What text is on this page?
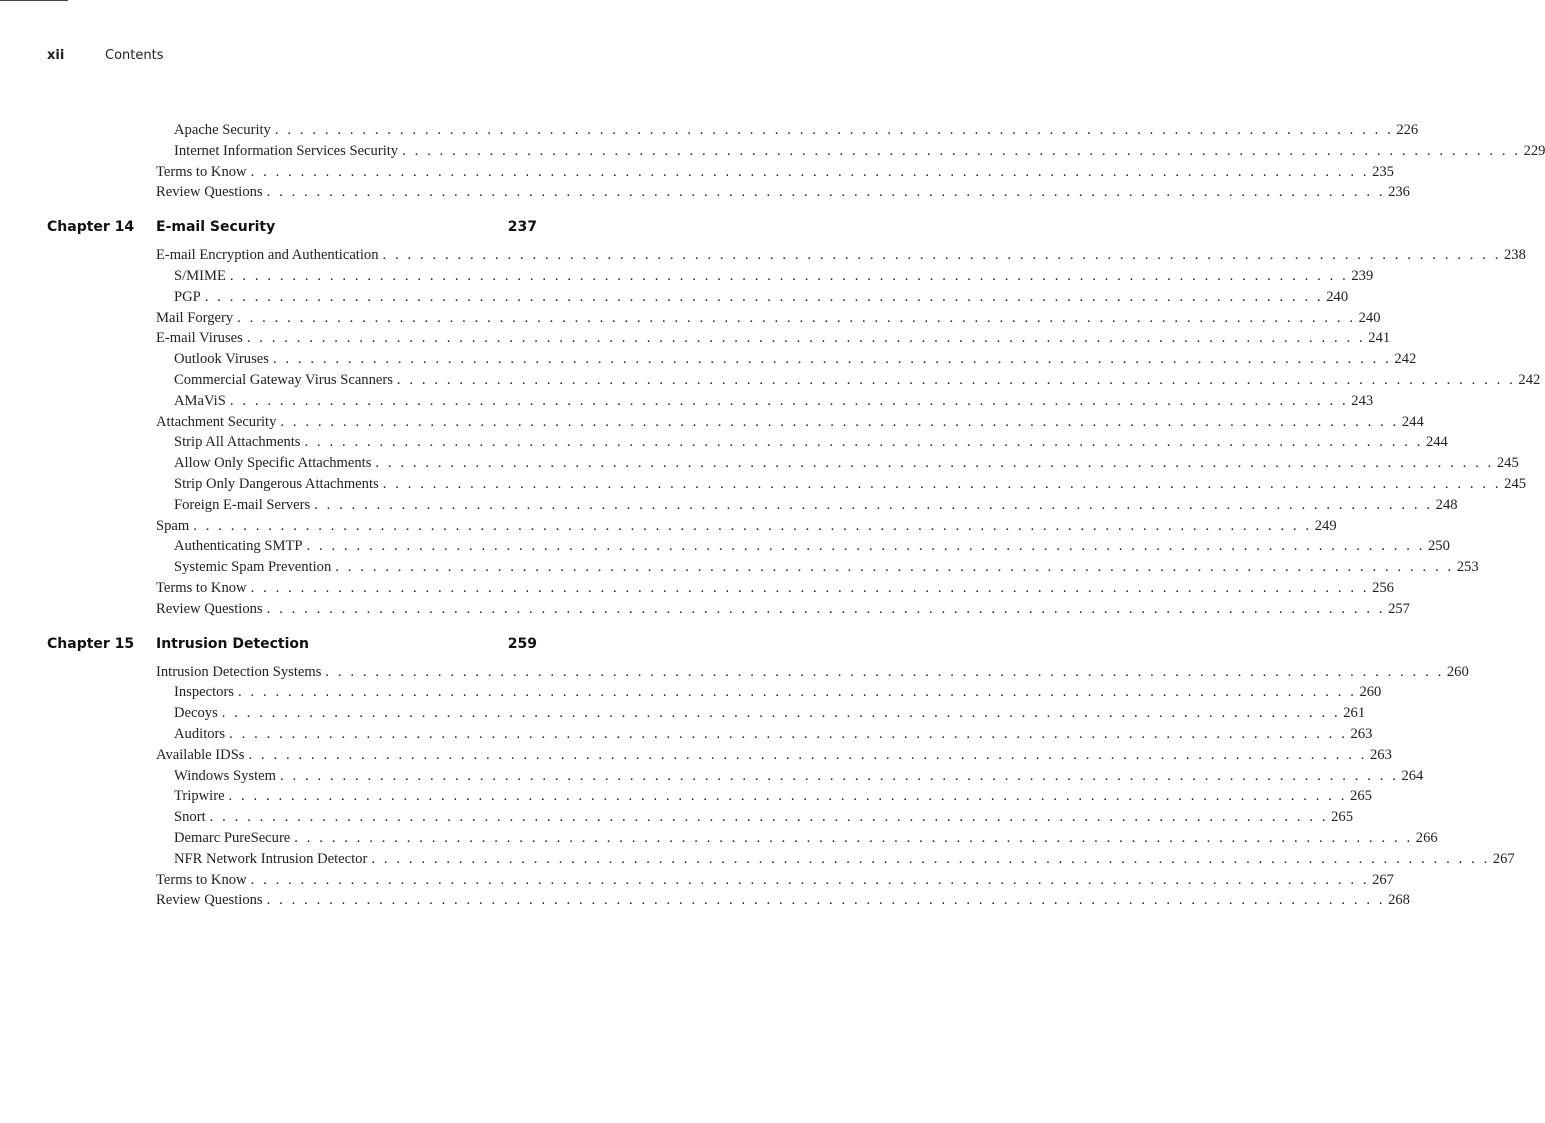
xii	Contents
Apache Security . . . . . . . . . . . . . . . . . . . . . . . . . . . . . . . . . . . . . . . . . . . . . . . . . . . . . . . . . . . . . . . . . . . . . . . . . . . . . . . . . . . . . . . . . . 226
Internet Information Services Security . . . . . . . . . . . . . . . . . . . . . . . . . . . . . . . . . . . . . . . . . . . . . . . . . . . . . . . . . . . . . . . . . . . . . . . . . . . . . . . . . . . . . . . . . . 229
Terms to Know . . . . . . . . . . . . . . . . . . . . . . . . . . . . . . . . . . . . . . . . . . . . . . . . . . . . . . . . . . . . . . . . . . . . . . . . . . . . . . . . . . . . . . . . . . 235
Review Questions . . . . . . . . . . . . . . . . . . . . . . . . . . . . . . . . . . . . . . . . . . . . . . . . . . . . . . . . . . . . . . . . . . . . . . . . . . . . . . . . . . . . . . . . . . 236
Chapter 14 E-mail Security	237
E-mail Encryption and Authentication . . . . . . . . . . . . . . . . . . . . . . . . . . . . . . . . . . . . . . . . . . . . . . . . . . . . . . . . . . . . . . . . . . . . . . . . . . . . . . . . . . . . . . . . . . 238
S/MIME . . . . . . . . . . . . . . . . . . . . . . . . . . . . . . . . . . . . . . . . . . . . . . . . . . . . . . . . . . . . . . . . . . . . . . . . . . . . . . . . . . . . . . . . . . 239
PGP . . . . . . . . . . . . . . . . . . . . . . . . . . . . . . . . . . . . . . . . . . . . . . . . . . . . . . . . . . . . . . . . . . . . . . . . . . . . . . . . . . . . . . . . . . 240
Mail Forgery . . . . . . . . . . . . . . . . . . . . . . . . . . . . . . . . . . . . . . . . . . . . . . . . . . . . . . . . . . . . . . . . . . . . . . . . . . . . . . . . . . . . . . . . . . 240
E-mail Viruses . . . . . . . . . . . . . . . . . . . . . . . . . . . . . . . . . . . . . . . . . . . . . . . . . . . . . . . . . . . . . . . . . . . . . . . . . . . . . . . . . . . . . . . . . . 241
Outlook Viruses . . . . . . . . . . . . . . . . . . . . . . . . . . . . . . . . . . . . . . . . . . . . . . . . . . . . . . . . . . . . . . . . . . . . . . . . . . . . . . . . . . . . . . . . . . 242
Commercial Gateway Virus Scanners . . . . . . . . . . . . . . . . . . . . . . . . . . . . . . . . . . . . . . . . . . . . . . . . . . . . . . . . . . . . . . . . . . . . . . . . . . . . . . . . . . . . . . . . . . 242
AMaViS . . . . . . . . . . . . . . . . . . . . . . . . . . . . . . . . . . . . . . . . . . . . . . . . . . . . . . . . . . . . . . . . . . . . . . . . . . . . . . . . . . . . . . . . . . 243
Attachment Security . . . . . . . . . . . . . . . . . . . . . . . . . . . . . . . . . . . . . . . . . . . . . . . . . . . . . . . . . . . . . . . . . . . . . . . . . . . . . . . . . . . . . . . . . . 244
Strip All Attachments . . . . . . . . . . . . . . . . . . . . . . . . . . . . . . . . . . . . . . . . . . . . . . . . . . . . . . . . . . . . . . . . . . . . . . . . . . . . . . . . . . . . . . . . . . 244
Allow Only Specific Attachments . . . . . . . . . . . . . . . . . . . . . . . . . . . . . . . . . . . . . . . . . . . . . . . . . . . . . . . . . . . . . . . . . . . . . . . . . . . . . . . . . . . . . . . . . . 245
Strip Only Dangerous Attachments . . . . . . . . . . . . . . . . . . . . . . . . . . . . . . . . . . . . . . . . . . . . . . . . . . . . . . . . . . . . . . . . . . . . . . . . . . . . . . . . . . . . . . . . . . 245
Foreign E-mail Servers . . . . . . . . . . . . . . . . . . . . . . . . . . . . . . . . . . . . . . . . . . . . . . . . . . . . . . . . . . . . . . . . . . . . . . . . . . . . . . . . . . . . . . . . . . 248
Spam . . . . . . . . . . . . . . . . . . . . . . . . . . . . . . . . . . . . . . . . . . . . . . . . . . . . . . . . . . . . . . . . . . . . . . . . . . . . . . . . . . . . . . . . . . 249
Authenticating SMTP . . . . . . . . . . . . . . . . . . . . . . . . . . . . . . . . . . . . . . . . . . . . . . . . . . . . . . . . . . . . . . . . . . . . . . . . . . . . . . . . . . . . . . . . . . 250
Systemic Spam Prevention . . . . . . . . . . . . . . . . . . . . . . . . . . . . . . . . . . . . . . . . . . . . . . . . . . . . . . . . . . . . . . . . . . . . . . . . . . . . . . . . . . . . . . . . . . 253
Terms to Know . . . . . . . . . . . . . . . . . . . . . . . . . . . . . . . . . . . . . . . . . . . . . . . . . . . . . . . . . . . . . . . . . . . . . . . . . . . . . . . . . . . . . . . . . . 256
Review Questions . . . . . . . . . . . . . . . . . . . . . . . . . . . . . . . . . . . . . . . . . . . . . . . . . . . . . . . . . . . . . . . . . . . . . . . . . . . . . . . . . . . . . . . . . . 257
Chapter 15 Intrusion Detection	259
Intrusion Detection Systems . . . . . . . . . . . . . . . . . . . . . . . . . . . . . . . . . . . . . . . . . . . . . . . . . . . . . . . . . . . . . . . . . . . . . . . . . . . . . . . . . . . . . . . . . . 260
Inspectors . . . . . . . . . . . . . . . . . . . . . . . . . . . . . . . . . . . . . . . . . . . . . . . . . . . . . . . . . . . . . . . . . . . . . . . . . . . . . . . . . . . . . . . . . . 260
Decoys . . . . . . . . . . . . . . . . . . . . . . . . . . . . . . . . . . . . . . . . . . . . . . . . . . . . . . . . . . . . . . . . . . . . . . . . . . . . . . . . . . . . . . . . . . 261
Auditors . . . . . . . . . . . . . . . . . . . . . . . . . . . . . . . . . . . . . . . . . . . . . . . . . . . . . . . . . . . . . . . . . . . . . . . . . . . . . . . . . . . . . . . . . . 263
Available IDSs . . . . . . . . . . . . . . . . . . . . . . . . . . . . . . . . . . . . . . . . . . . . . . . . . . . . . . . . . . . . . . . . . . . . . . . . . . . . . . . . . . . . . . . . . . 263
Windows System . . . . . . . . . . . . . . . . . . . . . . . . . . . . . . . . . . . . . . . . . . . . . . . . . . . . . . . . . . . . . . . . . . . . . . . . . . . . . . . . . . . . . . . . . . 264
Tripwire . . . . . . . . . . . . . . . . . . . . . . . . . . . . . . . . . . . . . . . . . . . . . . . . . . . . . . . . . . . . . . . . . . . . . . . . . . . . . . . . . . . . . . . . . . 265
Snort . . . . . . . . . . . . . . . . . . . . . . . . . . . . . . . . . . . . . . . . . . . . . . . . . . . . . . . . . . . . . . . . . . . . . . . . . . . . . . . . . . . . . . . . . . 265
Demarc PureSecure . . . . . . . . . . . . . . . . . . . . . . . . . . . . . . . . . . . . . . . . . . . . . . . . . . . . . . . . . . . . . . . . . . . . . . . . . . . . . . . . . . . . . . . . . . 266
NFR Network Intrusion Detector . . . . . . . . . . . . . . . . . . . . . . . . . . . . . . . . . . . . . . . . . . . . . . . . . . . . . . . . . . . . . . . . . . . . . . . . . . . . . . . . . . . . . . . . . . 267
Terms to Know . . . . . . . . . . . . . . . . . . . . . . . . . . . . . . . . . . . . . . . . . . . . . . . . . . . . . . . . . . . . . . . . . . . . . . . . . . . . . . . . . . . . . . . . . . 267
Review Questions . . . . . . . . . . . . . . . . . . . . . . . . . . . . . . . . . . . . . . . . . . . . . . . . . . . . . . . . . . . . . . . . . . . . . . . . . . . . . . . . . . . . . . . . . . 268
